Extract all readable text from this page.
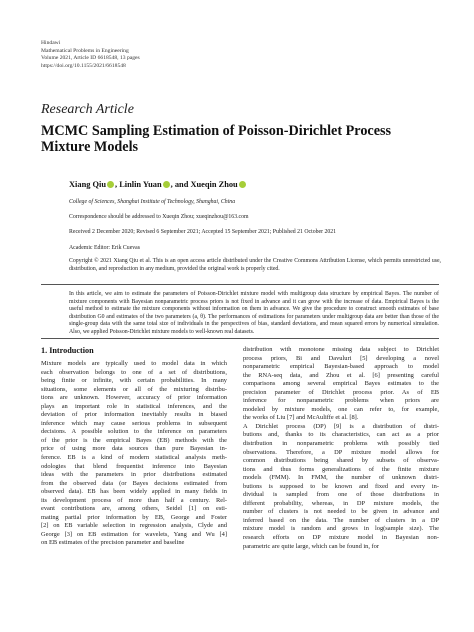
Hindawi
Mathematical Problems in Engineering
Volume 2021, Article ID 6618548, 13 pages
https://doi.org/10.1155/2021/6618548
Research Article
MCMC Sampling Estimation of Poisson-Dirichlet Process
Mixture Models
Xiang Qiu , Linlin Yuan , and Xueqin Zhou
College of Sciences, Shanghai Institute of Technology, Shanghai, China
Correspondence should be addressed to Xueqin Zhou; xueqinzhou@163.com
Received 2 December 2020; Revised 6 September 2021; Accepted 15 September 2021; Published 21 October 2021
Academic Editor: Erik Cuevas
Copyright © 2021 Xiang Qiu et al. This is an open access article distributed under the Creative Commons Attribution License, which permits unrestricted use, distribution, and reproduction in any medium, provided the original work is properly cited.
In this article, we aim to estimate the parameters of Poisson-Dirichlet mixture model with multigroup data structure by empirical Bayes. The number of mixture components with Bayesian nonparametric process priors is not fixed in advance and it can grow with the increase of data. Empirical Bayes is the useful method to estimate the mixture components without information on them in advance. We give the procedure to construct smooth estimates of base distribution G0 and estimates of the two parameters (a, θ). The performances of estimations for parameters under multigroup data are better than those of the single-group data with the same total size of individuals in the perspectives of bias, standard deviations, and mean squared errors by numerical simulation. Also, we applied Poisson-Dirichlet mixture models to well-known real datasets.
1. Introduction
Mixture models are typically used to model data in which
each observation belongs to one of a set of distributions,
being finite or infinite, with certain probabilities. In many
situations, some elements or all of the mixturing distribu-
tions are unknown. However, accuracy of prior information
plays an important role in statistical inferences, and the
deviation of prior information inevitably results in biased
inference which may cause serious problems in subsequent
decisions. A possible solution to the inference on parameters
of the prior is the empirical Bayes (EB) methods with the
price of using more data sources than pure Bayesian in-
ference. EB is a kind of modern statistical analysis meth-
odologies that blend frequentist inference into Bayesian
ideas with the parameters in prior distributions estimated
from the observed data (or Bayes decisions estimated from
observed data). EB has been widely applied in many fields in
its development process of more than half a century. Rel-
evant contributions are, among others, Seidel [1] on esti-
mating partial prior information by EB, George and Foster
[2] on EB variable selection in regression analysis, Clyde and
George [3] on EB estimation for wavelets, Yang and Wu [4]
on EB estimates of the precision parameter and baseline
distribution with monotone missing data subject to Dirichlet
process priors, Bi and Davuluri [5] developing a novel
nonparametric empirical Bayesian-based approach to model
the RNA-seq data, and Zhou et al. [6] presenting careful
comparisons among several empirical Bayes estimates to the
precision parameter of Dirichlet process prior. As of EB
inference for nonparametric problems when priors are
modeled by mixture models, one can refer to, for example,
the works of Liu [7] and McAuliffe et al. [8].
A Dirichlet process (DP) [9] is a distribution of distri-
butions and, thanks to its characteristics, can act as a prior
distribution in nonparametric problems with possibly tied
observations. Therefore, a DP mixture model allows for
common distributions being shared by subsets of observa-
tions and thus forms generalizations of the finite mixture
models (FMM). In FMM, the number of unknown distri-
butions is supposed to be known and fixed and every in-
dividual is sampled from one of those distributions in
different probability, whereas, in DP mixture models, the
number of clusters is not needed to be given in advance and
inferred based on the data. The number of clusters in a DP
mixture model is random and grows in log(sample size). The
research efforts on DP mixture model in Bayesian non-
parametric are quite large, which can be found in, for
